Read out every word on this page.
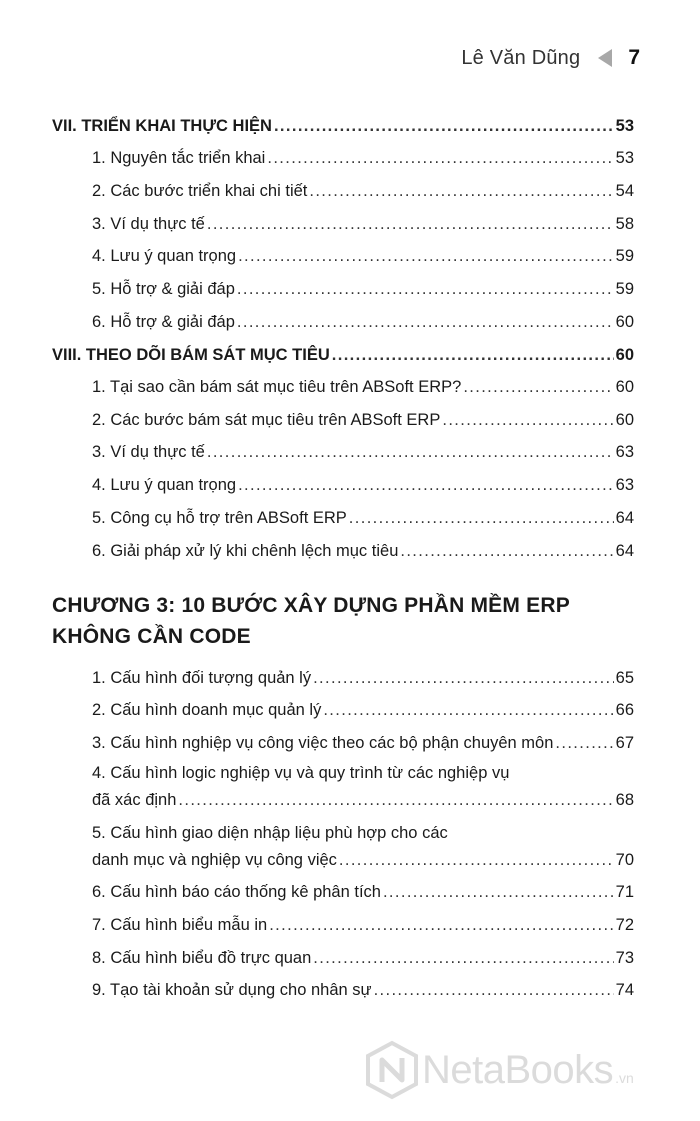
Lê Văn Dũng 7
VII. TRIỂN KHAI THỰC HIỆN . . .	53
1. Nguyên tắc triển khai . . .	53
2. Các bước triển khai chi tiết . . .	54
3. Ví dụ thực tế . . .	58
4. Lưu ý quan trọng . . .	59
5. Hỗ trợ & giải đáp . . .	59
6. Hỗ trợ & giải đáp . . .	60
VIII. THEO DÕI BÁM SÁT MỤC TIÊU . . .	60
1. Tại sao cần bám sát mục tiêu trên ABSoft ERP? . . .	60
2. Các bước bám sát mục tiêu trên ABSoft ERP . . .	60
3. Ví dụ thực tế . . .	63
4. Lưu ý quan trọng . . .	63
5. Công cụ hỗ trợ trên ABSoft ERP . . .	64
6. Giải pháp xử lý khi chênh lệch mục tiêu . . .	64
CHƯƠNG 3: 10 BƯỚC XÂY DỰNG PHẦN MỀM ERP
KHÔNG CẦN CODE
1. Cấu hình đối tượng quản lý . . .	65
2. Cấu hình doanh mục quản lý . . .	66
3. Cấu hình nghiệp vụ công việc theo các bộ phận chuyên môn . . .	67
4. Cấu hình logic nghiệp vụ và quy trình từ các nghiệp vụ
đã xác định . . .	68
5. Cấu hình giao diện nhập liệu phù hợp cho các
danh mục và nghiệp vụ công việc . . .	70
6. Cấu hình báo cáo thống kê phân tích . . .	71
7. Cấu hình biểu mẫu in . . .	72
8. Cấu hình biểu đồ trực quan . . .	73
9. Tạo tài khoản sử dụng cho nhân sự . . .	74
NetaBooks .vn
